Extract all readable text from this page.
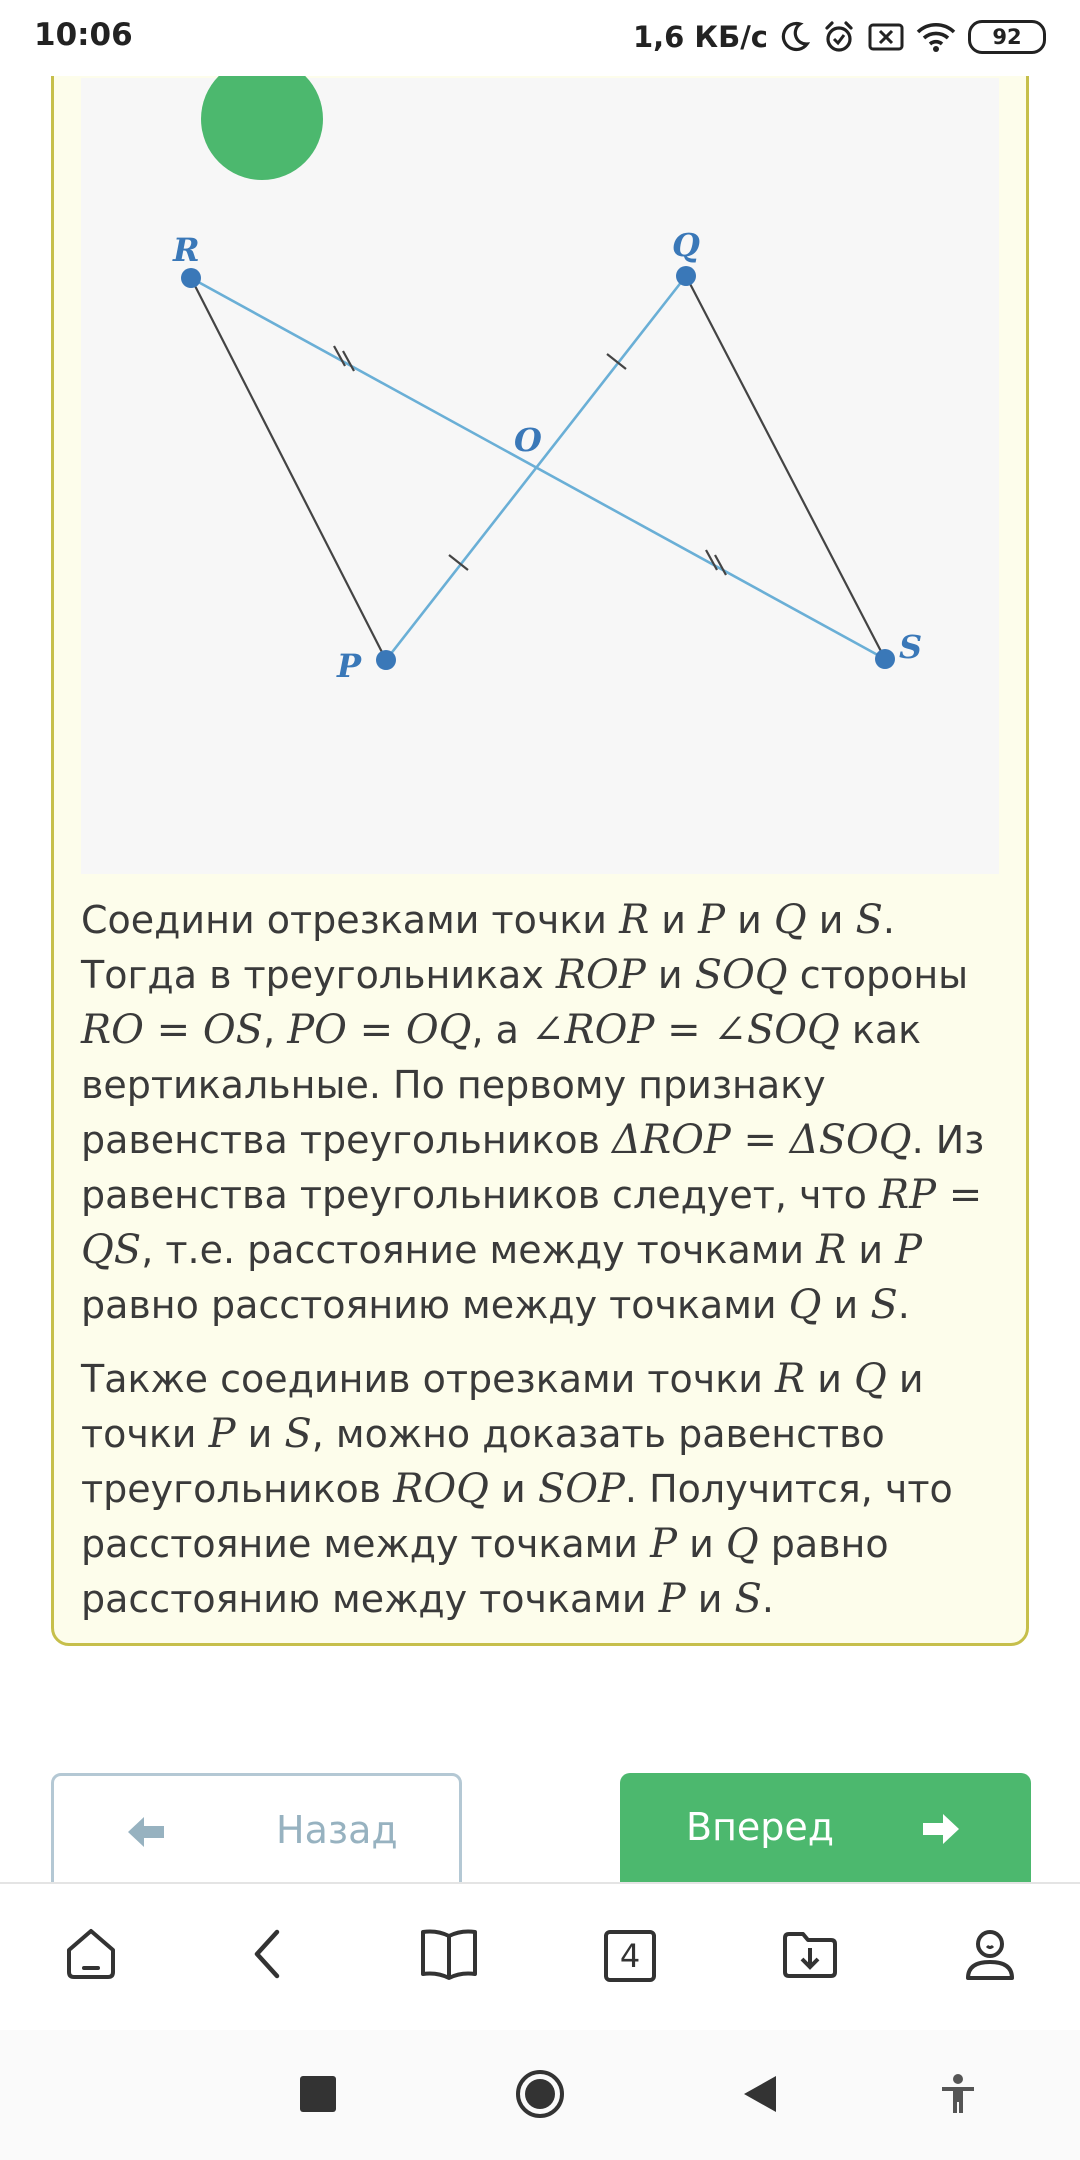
10:06	1,6 КБ/с	92
R	Q
O
P	S

Соедини отрезками точки R и P и Q и S. Тогда в треугольниках ROP и SOQ стороны RO = OS, PO = OQ, а ∠ROP = ∠SOQ как вертикальные. По первому признаку равенства треугольников ΔROP = ΔSOQ. Из равенства треугольников следует, что RP = QS, т.е. расстояние между точками R и P равно расстоянию между точками Q и S.

Также соединив отрезками точки R и Q и точки P и S, можно доказать равенство треугольников ROQ и SOP. Получится, что расстояние между точками P и Q равно расстоянию между точками P и S.

Назад	Вперед
4
